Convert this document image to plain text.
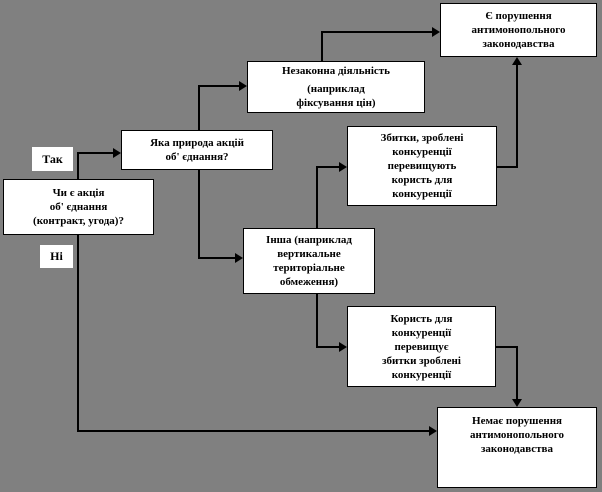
Чи є акція
об' єднання
(контракт, угода)?
Яка природа акцій
об' єднання?
Незаконна діяльність
(наприклад
фіксування цін)
Збитки, зроблені
конкуренції
перевищують
користь для
конкуренції
Інша (наприклад
вертикальне
територіальне
обмеження)
Користь для
конкуренції
перевищує
збитки зроблені
конкуренції
Є порушення
антимонопольного
законодавства
Немає порушення
антимонопольного
законодавства
Так
Ні
